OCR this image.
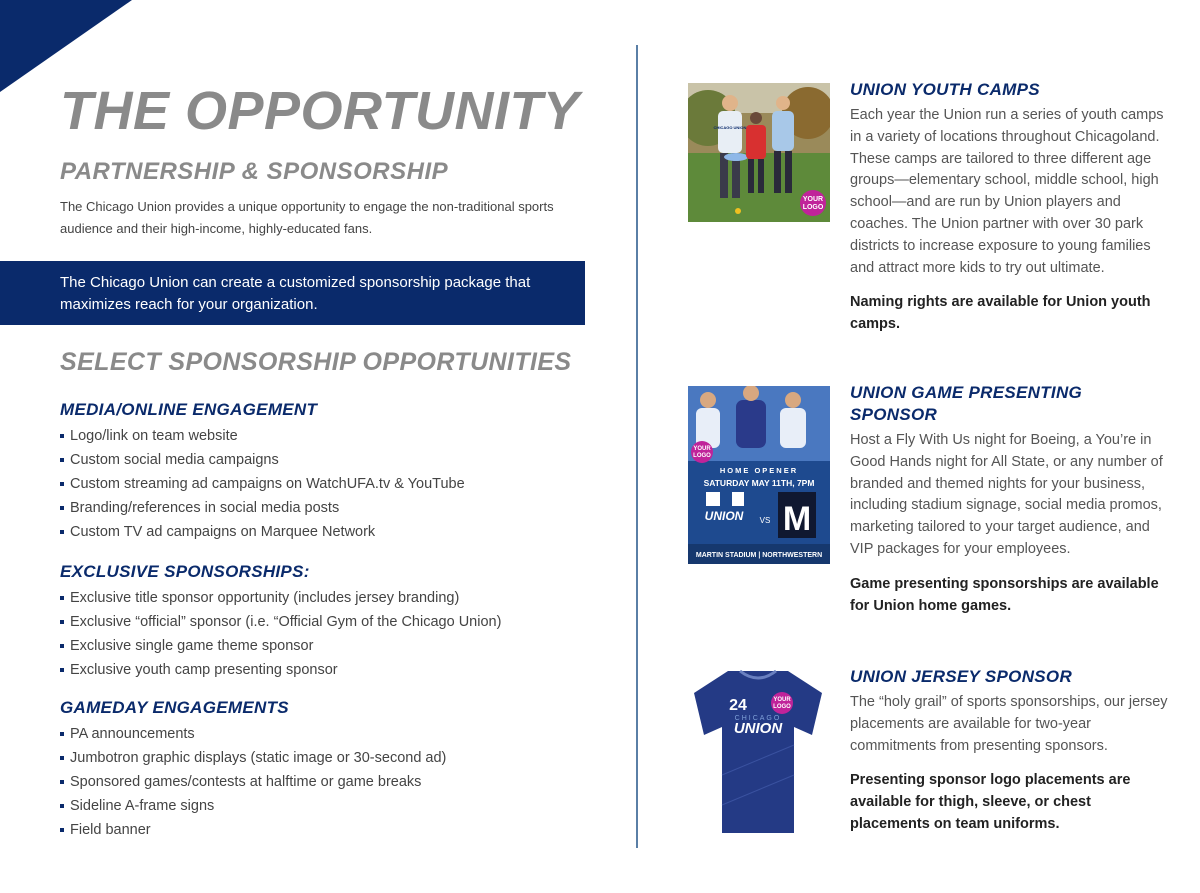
THE OPPORTUNITY
PARTNERSHIP & SPONSORSHIP
The Chicago Union provides a unique opportunity to engage the non-traditional sports audience and their high-income, highly-educated fans.
The Chicago Union can create a customized sponsorship package that maximizes reach for your organization.
SELECT SPONSORSHIP OPPORTUNITIES
MEDIA/ONLINE ENGAGEMENT
Logo/link on team website
Custom social media campaigns
Custom streaming ad campaigns on WatchUFA.tv & YouTube
Branding/references in social media posts
Custom TV ad campaigns on Marquee Network
EXCLUSIVE SPONSORSHIPS:
Exclusive title sponsor opportunity (includes jersey branding)
Exclusive “official” sponsor (i.e. “Official Gym of the Chicago Union)
Exclusive single game theme sponsor
Exclusive youth camp presenting sponsor
GAMEDAY ENGAGEMENTS
PA announcements
Jumbotron graphic displays (static image or 30-second ad)
Sponsored games/contests at halftime or game breaks
Sideline A-frame signs
Field banner
YOUR
LOGO
CHICAGO UNION
YOUR
LOGO
HOME OPENER
SATURDAY MAY 11TH, 7PM
UNION VS M
MARTIN STADIUM | NORTHWESTERN
24	YOUR
LOGO
CHICAGO
UNION
UNION YOUTH CAMPS
Each year the Union run a series of youth camps in a variety of locations throughout Chicagoland. These camps are tailored to three different age groups—elementary school, middle school, high school—and are run by Union players and coaches. The Union partner with over 30 park districts to increase exposure to young families and attract more kids to try out ultimate.
Naming rights are available for Union youth camps.
UNION GAME PRESENTING SPONSOR
Host a Fly With Us night for Boeing, a You’re in Good Hands night for All State, or any number of branded and themed nights for your business, including stadium signage, social media promos, marketing tailored to your target audience, and VIP packages for your employees.
Game presenting sponsorships are available for Union home games.
UNION JERSEY SPONSOR
The “holy grail” of sports sponsorships, our jersey placements are available for two-year commitments from presenting sponsors.
Presenting sponsor logo placements are available for thigh, sleeve, or chest placements on team uniforms.
